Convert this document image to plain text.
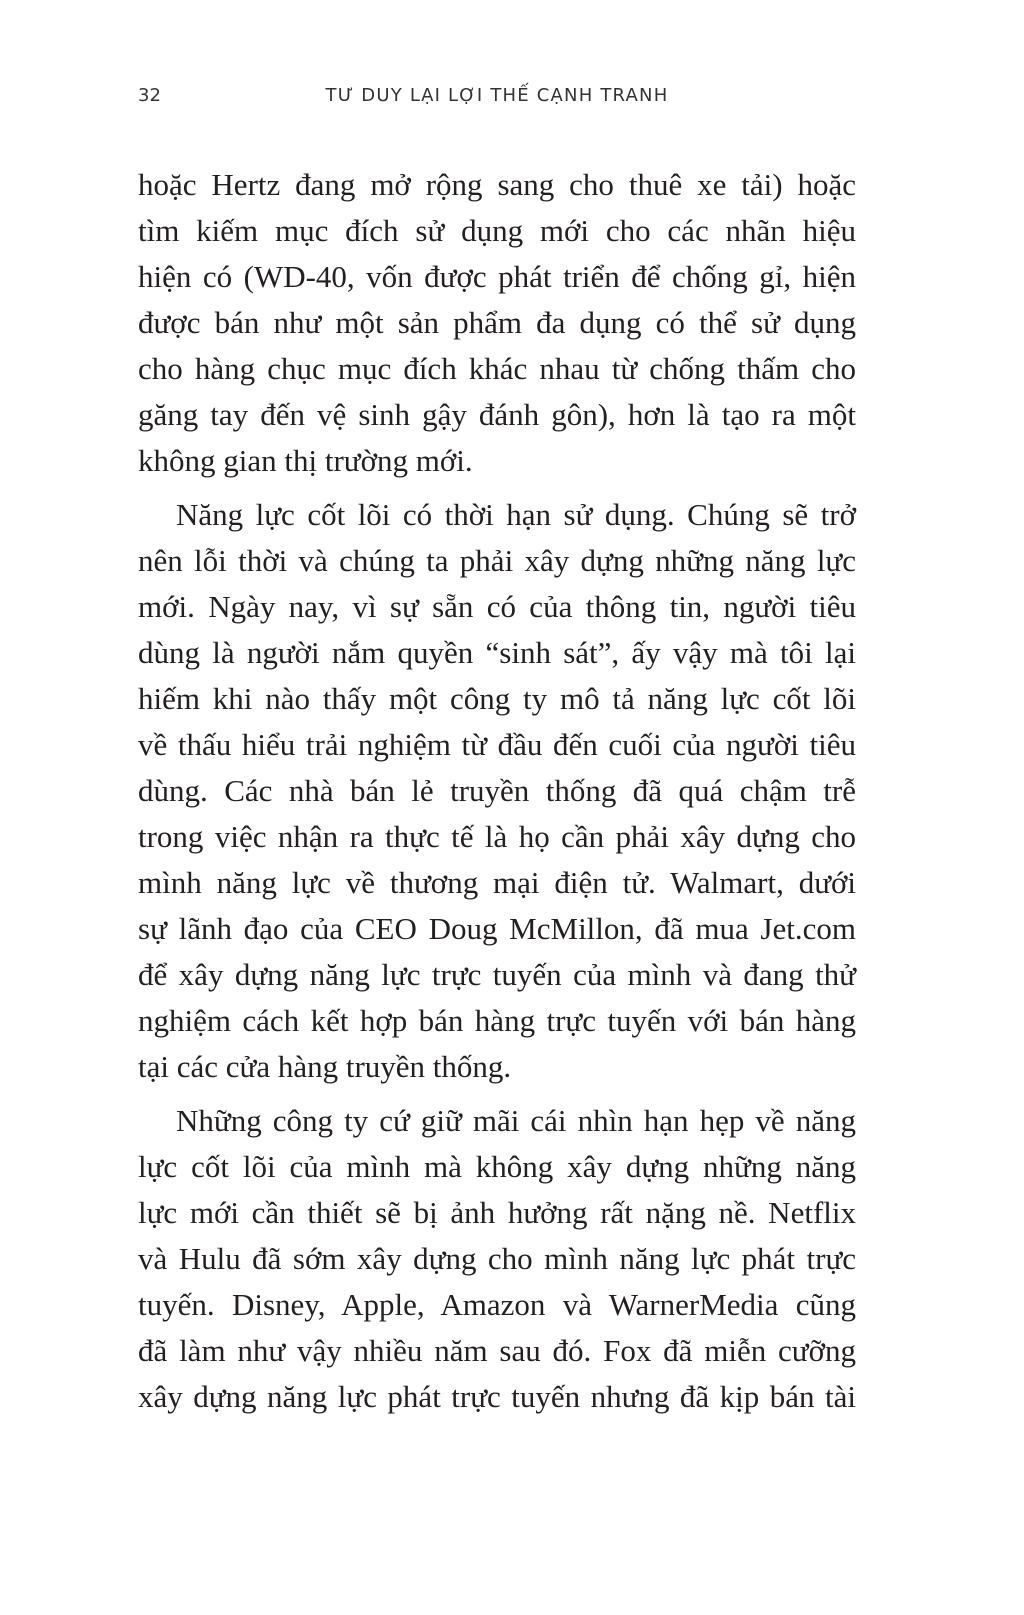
32	TƯ DUY LẠI LỢI THẾ CẠNH TRANH
hoặc Hertz đang mở rộng sang cho thuê xe tải) hoặc
tìm kiếm mục đích sử dụng mới cho các nhãn hiệu
hiện có (WD-40, vốn được phát triển để chống gỉ, hiện
được bán như một sản phẩm đa dụng có thể sử dụng
cho hàng chục mục đích khác nhau từ chống thấm cho
găng tay đến vệ sinh gậy đánh gôn), hơn là tạo ra một
không gian thị trường mới.
Năng lực cốt lõi có thời hạn sử dụng. Chúng sẽ trở
nên lỗi thời và chúng ta phải xây dựng những năng lực
mới. Ngày nay, vì sự sẵn có của thông tin, người tiêu
dùng là người nắm quyền “sinh sát”, ấy vậy mà tôi lại
hiếm khi nào thấy một công ty mô tả năng lực cốt lõi
về thấu hiểu trải nghiệm từ đầu đến cuối của người tiêu
dùng. Các nhà bán lẻ truyền thống đã quá chậm trễ
trong việc nhận ra thực tế là họ cần phải xây dựng cho
mình năng lực về thương mại điện tử. Walmart, dưới
sự lãnh đạo của CEO Doug McMillon, đã mua Jet.com
để xây dựng năng lực trực tuyến của mình và đang thử
nghiệm cách kết hợp bán hàng trực tuyến với bán hàng
tại các cửa hàng truyền thống.
Những công ty cứ giữ mãi cái nhìn hạn hẹp về năng
lực cốt lõi của mình mà không xây dựng những năng
lực mới cần thiết sẽ bị ảnh hưởng rất nặng nề. Netflix
và Hulu đã sớm xây dựng cho mình năng lực phát trực
tuyến. Disney, Apple, Amazon và WarnerMedia cũng
đã làm như vậy nhiều năm sau đó. Fox đã miễn cưỡng
xây dựng năng lực phát trực tuyến nhưng đã kịp bán tài
